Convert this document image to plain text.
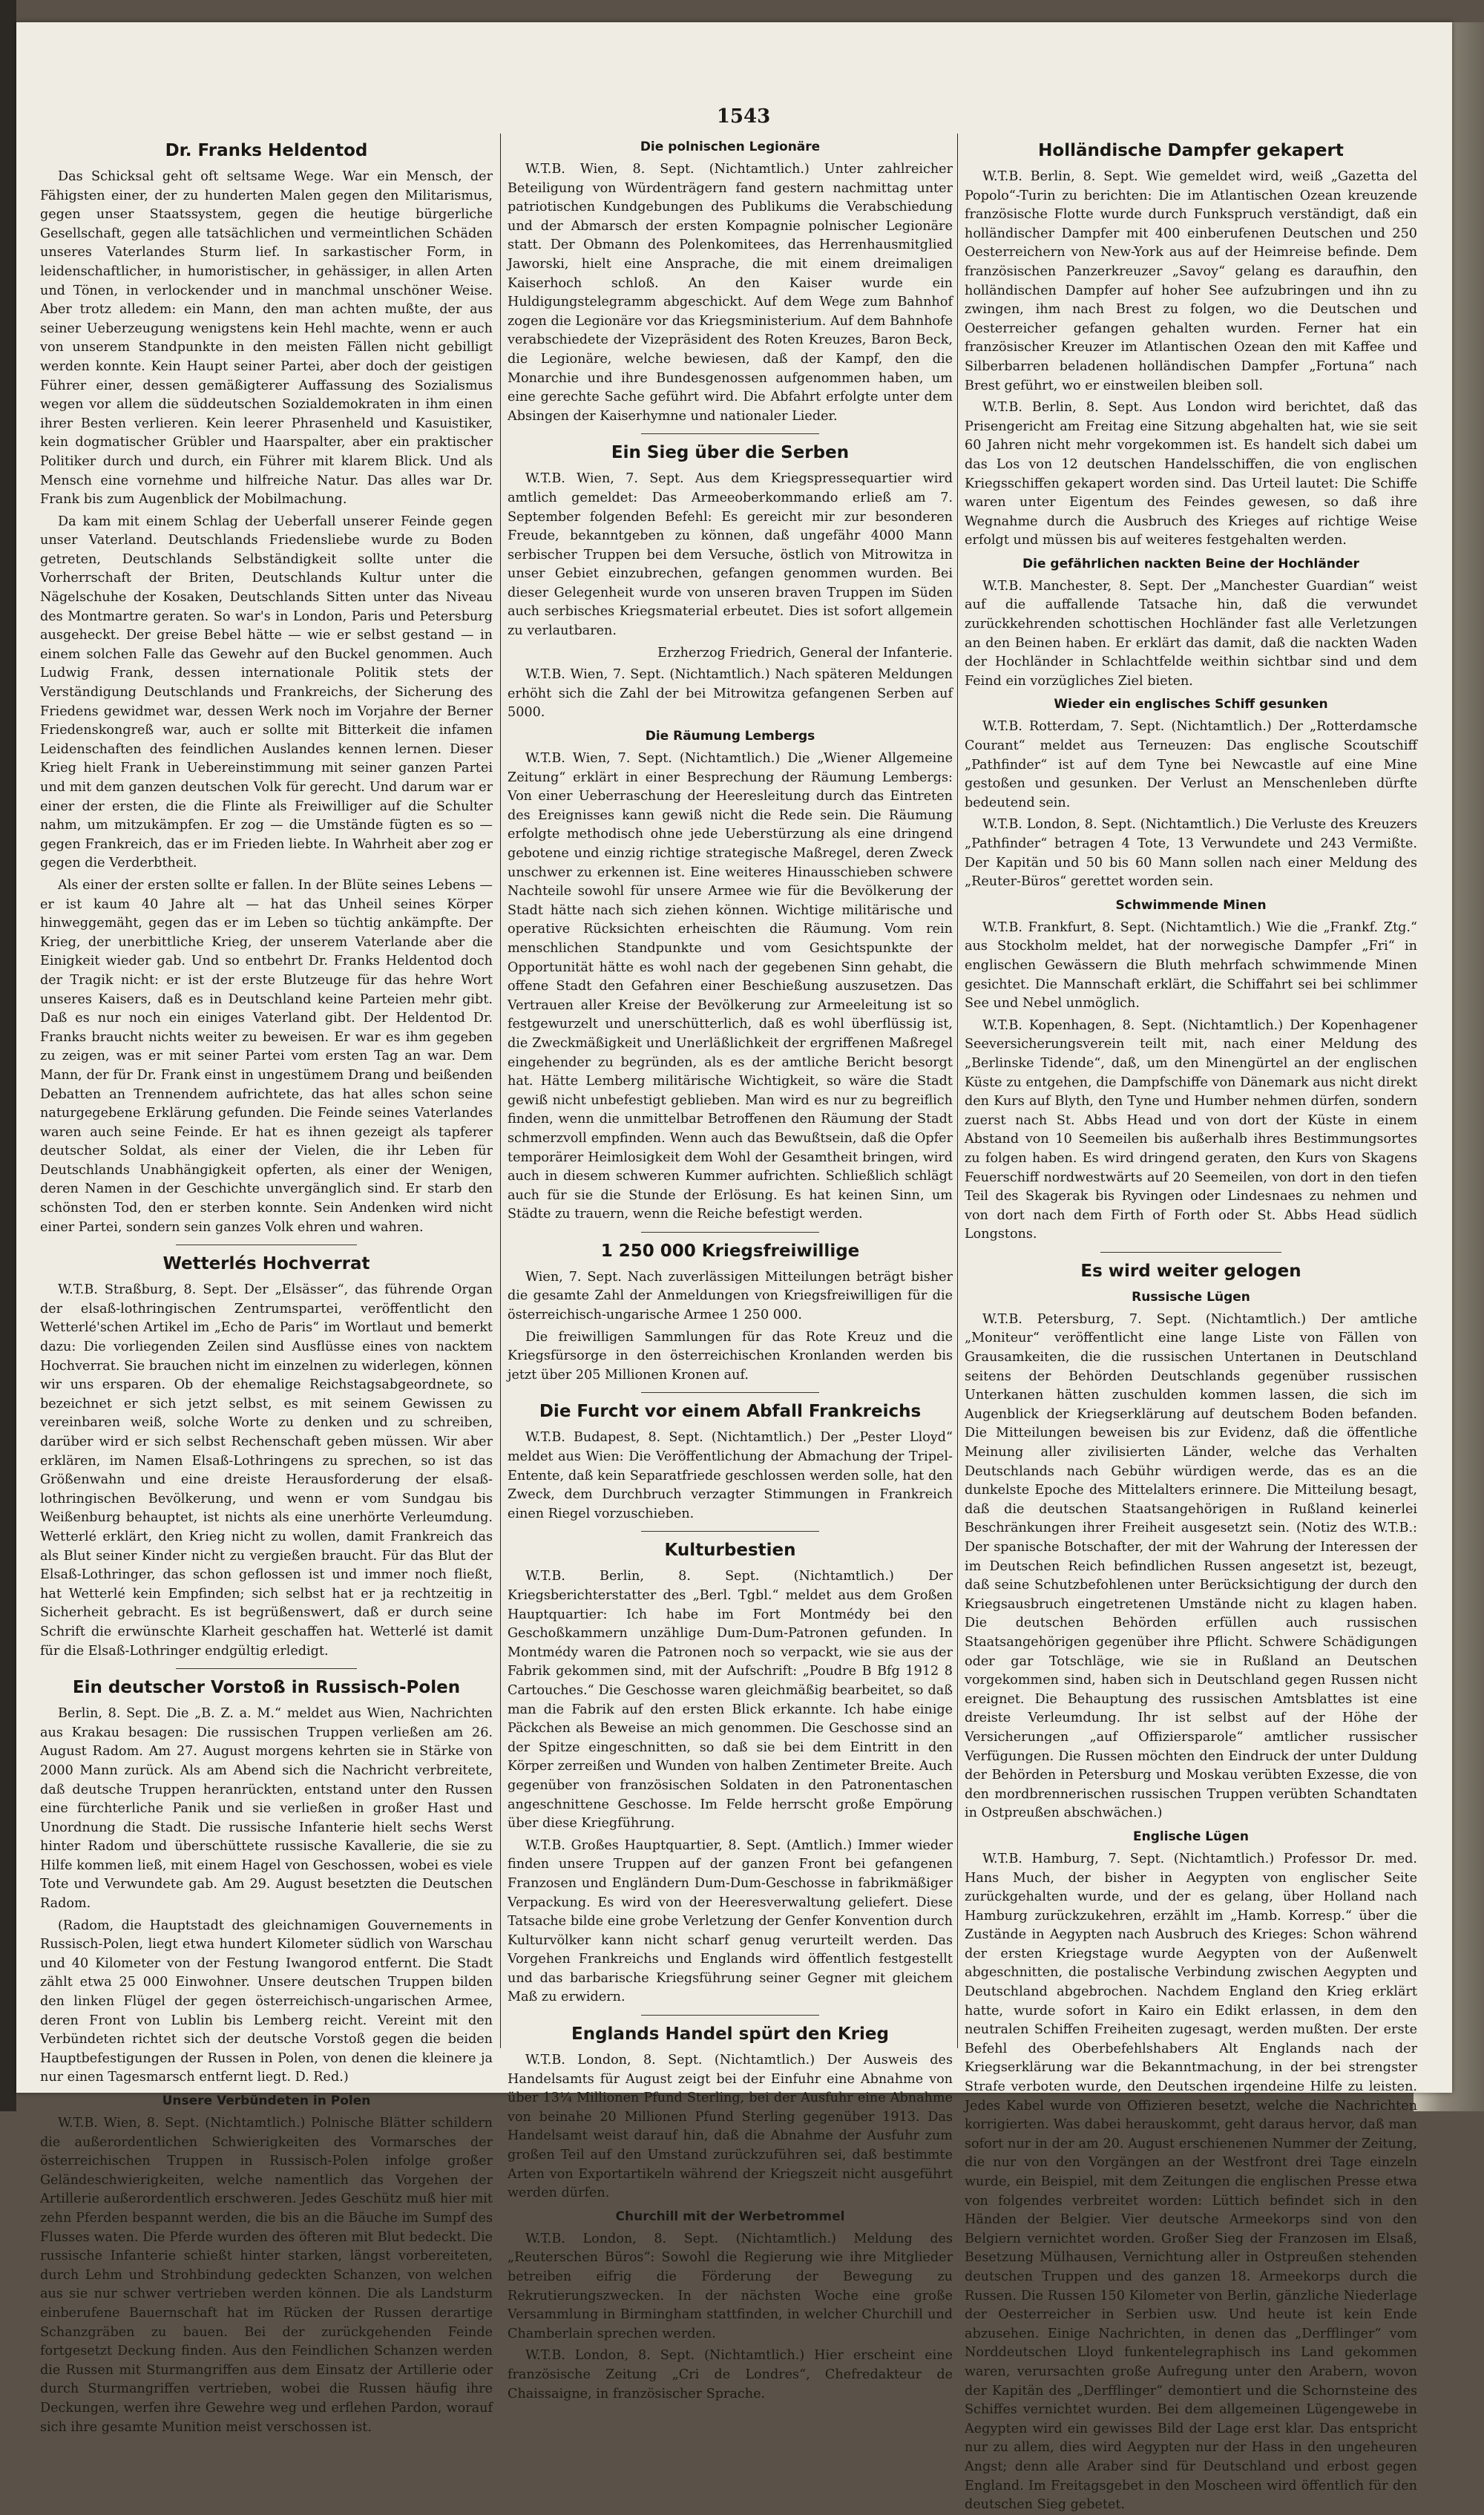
1543
Dr. Franks Heldentod

Das Schicksal geht oft seltsame Wege. War ein Mensch, der Fähigsten einer, der zu hunderten Malen gegen den Militarismus, gegen unser Staatssystem, gegen die heutige bürgerliche Gesellschaft, gegen alle tatsächlichen und vermeintlichen Schäden unseres Vaterlandes Sturm lief. In sarkastischer Form, in leidenschaftlicher, in humoristischer, in gehässiger, in allen Arten und Tönen, in verlockender und in manchmal unschöner Weise. Aber trotz alledem: ein Mann, den man achten mußte, der aus seiner Ueberzeugung wenigstens kein Hehl machte, wenn er auch von unserem Standpunkte in den meisten Fällen nicht gebilligt werden konnte. Kein Haupt seiner Partei, aber doch der geistigen Führer einer, dessen gemäßigterer Auffassung des Sozialismus wegen vor allem die süddeutschen Sozialdemokraten in ihm einen ihrer Besten verlieren. Kein leerer Phrasenheld und Kasuistiker, kein dogmatischer Grübler und Haarspalter, aber ein praktischer Politiker durch und durch, ein Führer mit klarem Blick. Und als Mensch eine vornehme und hilfreiche Natur. Das alles war Dr. Frank bis zum Augenblick der Mobilmachung.

Da kam mit einem Schlag der Ueberfall unserer Feinde gegen unser Vaterland. Deutschlands Friedensliebe wurde zu Boden getreten, Deutschlands Selbständigkeit sollte unter die Vorherrschaft der Briten, Deutschlands Kultur unter die Nägelschuhe der Kosaken, Deutschlands Sitten unter das Niveau des Montmartre geraten. So war's in London, Paris und Petersburg ausgeheckt. Der greise Bebel hätte — wie er selbst gestand — in einem solchen Falle das Gewehr auf den Buckel genommen. Auch Ludwig Frank, dessen internationale Politik stets der Verständigung Deutschlands und Frankreichs, der Sicherung des Friedens gewidmet war, dessen Werk noch im Vorjahre der Berner Friedenskongreß war, auch er sollte mit Bitterkeit die infamen Leidenschaften des feindlichen Auslandes kennen lernen. Dieser Krieg hielt Frank in Uebereinstimmung mit seiner ganzen Partei und mit dem ganzen deutschen Volk für gerecht. Und darum war er einer der ersten, die die Flinte als Freiwilliger auf die Schulter nahm, um mitzukämpfen. Er zog — die Umstände fügten es so — gegen Frankreich, das er im Frieden liebte. In Wahrheit aber zog er gegen die Verderbtheit.

Als einer der ersten sollte er fallen. In der Blüte seines Lebens — er ist kaum 40 Jahre alt — hat das Unheil seines Körper hinweggemäht, gegen das er im Leben so tüchtig ankämpfte. Der Krieg, der unerbittliche Krieg, der unserem Vaterlande aber die Einigkeit wieder gab. Und so entbehrt Dr. Franks Heldentod doch der Tragik nicht: er ist der erste Blutzeuge für das hehre Wort unseres Kaisers, daß es in Deutschland keine Parteien mehr gibt. Daß es nur noch ein einiges Vaterland gibt. Der Heldentod Dr. Franks braucht nichts weiter zu beweisen. Er war es ihm gegeben zu zeigen, was er mit seiner Partei vom ersten Tag an war. Dem Mann, der für Dr. Frank einst in ungestümem Drang und beißenden Debatten an Trennendem aufrichtete, das hat alles schon seine naturgegebene Erklärung gefunden. Die Feinde seines Vaterlandes waren auch seine Feinde. Er hat es ihnen gezeigt als tapferer deutscher Soldat, als einer der Vielen, die ihr Leben für Deutschlands Unabhängigkeit opferten, als einer der Wenigen, deren Namen in der Geschichte unvergänglich sind. Er starb den schönsten Tod, den er sterben konnte. Sein Andenken wird nicht einer Partei, sondern sein ganzes Volk ehren und wahren.

Wetterlés Hochverrat

W.T.B. Straßburg, 8. Sept. Der „Elsässer“, das führende Organ der elsaß-lothringischen Zentrumspartei, veröffentlicht den Wetterlé'schen Artikel im „Echo de Paris“ im Wortlaut und bemerkt dazu: Die vorliegenden Zeilen sind Ausflüsse eines von nacktem Hochverrat. Sie brauchen nicht im einzelnen zu widerlegen, können wir uns ersparen. Ob der ehemalige Reichstagsabgeordnete, so bezeichnet er sich jetzt selbst, es mit seinem Gewissen zu vereinbaren weiß, solche Worte zu denken und zu schreiben, darüber wird er sich selbst Rechenschaft geben müssen. Wir aber erklären, im Namen Elsaß-Lothringens zu sprechen, so ist das Größenwahn und eine dreiste Herausforderung der elsaß-lothringischen Bevölkerung, und wenn er vom Sundgau bis Weißenburg behauptet, ist nichts als eine unerhörte Verleumdung. Wetterlé erklärt, den Krieg nicht zu wollen, damit Frankreich das als Blut seiner Kinder nicht zu vergießen braucht. Für das Blut der Elsaß-Lothringer, das schon geflossen ist und immer noch fließt, hat Wetterlé kein Empfinden; sich selbst hat er ja rechtzeitig in Sicherheit gebracht. Es ist begrüßenswert, daß er durch seine Schrift die erwünschte Klarheit geschaffen hat. Wetterlé ist damit für die Elsaß-Lothringer endgültig erledigt.

Ein deutscher Vorstoß in Russisch-Polen

Berlin, 8. Sept. Die „B. Z. a. M.“ meldet aus Wien, Nachrichten aus Krakau besagen: Die russischen Truppen verließen am 26. August Radom. Am 27. August morgens kehrten sie in Stärke von 2000 Mann zurück. Als am Abend sich die Nachricht verbreitete, daß deutsche Truppen heranrückten, entstand unter den Russen eine fürchterliche Panik und sie verließen in großer Hast und Unordnung die Stadt. Die russische Infanterie hielt sechs Werst hinter Radom und überschüttete russische Kavallerie, die sie zu Hilfe kommen ließ, mit einem Hagel von Geschossen, wobei es viele Tote und Verwundete gab. Am 29. August besetzten die Deutschen Radom.

(Radom, die Hauptstadt des gleichnamigen Gouvernements in Russisch-Polen, liegt etwa hundert Kilometer südlich von Warschau und 40 Kilometer von der Festung Iwangorod entfernt. Die Stadt zählt etwa 25 000 Einwohner. Unsere deutschen Truppen bilden den linken Flügel der gegen österreichisch-ungarischen Armee, deren Front von Lublin bis Lemberg reicht. Vereint mit den Verbündeten richtet sich der deutsche Vorstoß gegen die beiden Hauptbefestigungen der Russen in Polen, von denen die kleinere ja nur einen Tagesmarsch entfernt liegt. D. Red.)

Unsere Verbündeten in Polen

W.T.B. Wien, 8. Sept. (Nichtamtlich.) Polnische Blätter schildern die außerordentlichen Schwierigkeiten des Vormarsches der österreichischen Truppen in Russisch-Polen infolge großer Geländeschwierigkeiten, welche namentlich das Vorgehen der Artillerie außerordentlich erschweren. Jedes Geschütz muß hier mit zehn Pferden bespannt werden, die bis an die Bäuche im Sumpf des Flusses waten. Die Pferde wurden des öfteren mit Blut bedeckt. Die russische Infanterie schießt hinter starken, längst vorbereiteten, durch Lehm und Strohbindung gedeckten Schanzen, von welchen aus sie nur schwer vertrieben werden können. Die als Landsturm einberufene Bauernschaft hat im Rücken der Russen derartige Schanzgräben zu bauen. Bei der zurückgehenden Feinde fortgesetzt Deckung finden. Aus den Feindlichen Schanzen werden die Russen mit Sturmangriffen aus dem Einsatz der Artillerie oder durch Sturmangriffen vertrieben, wobei die Russen häufig ihre Deckungen, werfen ihre Gewehre weg und erflehen Pardon, worauf sich ihre gesamte Munition meist verschossen ist.

Die polnischen Legionäre

W.T.B. Wien, 8. Sept. (Nichtamtlich.) Unter zahlreicher Beteiligung von Würdenträgern fand gestern nachmittag unter patriotischen Kundgebungen des Publikums die Verabschiedung und der Abmarsch der ersten Kompagnie polnischer Legionäre statt. Der Obmann des Polenkomitees, das Herrenhausmitglied Jaworski, hielt eine Ansprache, die mit einem dreimaligen Kaiserhoch schloß. An den Kaiser wurde ein Huldigungstelegramm abgeschickt. Auf dem Wege zum Bahnhof zogen die Legionäre vor das Kriegsministerium. Auf dem Bahnhofe verabschiedete der Vizepräsident des Roten Kreuzes, Baron Beck, die Legionäre, welche bewiesen, daß der Kampf, den die Monarchie und ihre Bundesgenossen aufgenommen haben, um eine gerechte Sache geführt wird. Die Abfahrt erfolgte unter dem Absingen der Kaiserhymne und nationaler Lieder.

Ein Sieg über die Serben

W.T.B. Wien, 7. Sept. Aus dem Kriegspressequartier wird amtlich gemeldet: Das Armeeoberkommando erließ am 7. September folgenden Befehl: Es gereicht mir zur besonderen Freude, bekanntgeben zu können, daß ungefähr 4000 Mann serbischer Truppen bei dem Versuche, östlich von Mitrowitza in unser Gebiet einzubrechen, gefangen genommen wurden. Bei dieser Gelegenheit wurde von unseren braven Truppen im Süden auch serbisches Kriegsmaterial erbeutet. Dies ist sofort allgemein zu verlautbaren.

Erzherzog Friedrich, General der Infanterie.

W.T.B. Wien, 7. Sept. (Nichtamtlich.) Nach späteren Meldungen erhöht sich die Zahl der bei Mitrowitza gefangenen Serben auf 5000.

Die Räumung Lembergs

W.T.B. Wien, 7. Sept. (Nichtamtlich.) Die „Wiener Allgemeine Zeitung“ erklärt in einer Besprechung der Räumung Lembergs: Von einer Ueberraschung der Heeresleitung durch das Eintreten des Ereignisses kann gewiß nicht die Rede sein. Die Räumung erfolgte methodisch ohne jede Ueberstürzung als eine dringend gebotene und einzig richtige strategische Maßregel, deren Zweck unschwer zu erkennen ist. Eine weiteres Hinausschieben schwere Nachteile sowohl für unsere Armee wie für die Bevölkerung der Stadt hätte nach sich ziehen können. Wichtige militärische und operative Rücksichten erheischten die Räumung. Vom rein menschlichen Standpunkte und vom Gesichtspunkte der Opportunität hätte es wohl nach der gegebenen Sinn gehabt, die offene Stadt den Gefahren einer Beschießung auszusetzen. Das Vertrauen aller Kreise der Bevölkerung zur Armeeleitung ist so festgewurzelt und unerschütterlich, daß es wohl überflüssig ist, die Zweckmäßigkeit und Unerläßlichkeit der ergriffenen Maßregel eingehender zu begründen, als es der amtliche Bericht besorgt hat. Hätte Lemberg militärische Wichtigkeit, so wäre die Stadt gewiß nicht unbefestigt geblieben. Man wird es nur zu begreiflich finden, wenn die unmittelbar Betroffenen den Räumung der Stadt schmerzvoll empfinden. Wenn auch das Bewußtsein, daß die Opfer temporärer Heimlosigkeit dem Wohl der Gesamtheit bringen, wird auch in diesem schweren Kummer aufrichten. Schließlich schlägt auch für sie die Stunde der Erlösung. Es hat keinen Sinn, um Städte zu trauern, wenn die Reiche befestigt werden.

1 250 000 Kriegsfreiwillige

Wien, 7. Sept. Nach zuverlässigen Mitteilungen beträgt bisher die gesamte Zahl der Anmeldungen von Kriegsfreiwilligen für die österreichisch-ungarische Armee 1 250 000.

Die freiwilligen Sammlungen für das Rote Kreuz und die Kriegsfürsorge in den österreichischen Kronlanden werden bis jetzt über 205 Millionen Kronen auf.

Die Furcht vor einem Abfall Frankreichs

W.T.B. Budapest, 8. Sept. (Nichtamtlich.) Der „Pester Lloyd“ meldet aus Wien: Die Veröffentlichung der Abmachung der Tripel-Entente, daß kein Separatfriede geschlossen werden solle, hat den Zweck, dem Durchbruch verzagter Stimmungen in Frankreich einen Riegel vorzuschieben.

Kulturbestien

W.T.B. Berlin, 8. Sept. (Nichtamtlich.) Der Kriegsberichterstatter des „Berl. Tgbl.“ meldet aus dem Großen Hauptquartier: Ich habe im Fort Montmédy bei den Geschoßkammern unzählige Dum-Dum-Patronen gefunden. In Montmédy waren die Patronen noch so verpackt, wie sie aus der Fabrik gekommen sind, mit der Aufschrift: „Poudre B Bfg 1912 8 Cartouches.“ Die Geschosse waren gleichmäßig bearbeitet, so daß man die Fabrik auf den ersten Blick erkannte. Ich habe einige Päckchen als Beweise an mich genommen. Die Geschosse sind an der Spitze eingeschnitten, so daß sie bei dem Eintritt in den Körper zerreißen und Wunden von halben Zentimeter Breite. Auch gegenüber von französischen Soldaten in den Patronentaschen angeschnittene Geschosse. Im Felde herrscht große Empörung über diese Kriegführung.

W.T.B. Großes Hauptquartier, 8. Sept. (Amtlich.) Immer wieder finden unsere Truppen auf der ganzen Front bei gefangenen Franzosen und Engländern Dum-Dum-Geschosse in fabrikmäßiger Verpackung. Es wird von der Heeresverwaltung geliefert. Diese Tatsache bilde eine grobe Verletzung der Genfer Konvention durch Kulturvölker kann nicht scharf genug verurteilt werden. Das Vorgehen Frankreichs und Englands wird öffentlich festgestellt und das barbarische Kriegsführung seiner Gegner mit gleichem Maß zu erwidern.

Englands Handel spürt den Krieg

W.T.B. London, 8. Sept. (Nichtamtlich.) Der Ausweis des Handelsamts für August zeigt bei der Einfuhr eine Abnahme von über 13¼ Millionen Pfund Sterling, bei der Ausfuhr eine Abnahme von beinahe 20 Millionen Pfund Sterling gegenüber 1913. Das Handelsamt weist darauf hin, daß die Abnahme der Ausfuhr zum großen Teil auf den Umstand zurückzuführen sei, daß bestimmte Arten von Exportartikeln während der Kriegszeit nicht ausgeführt werden dürfen.

Churchill mit der Werbetrommel

W.T.B. London, 8. Sept. (Nichtamtlich.) Meldung des „Reuterschen Büros“: Sowohl die Regierung wie ihre Mitglieder betreiben eifrig die Förderung der Bewegung zu Rekrutierungszwecken. In der nächsten Woche eine große Versammlung in Birmingham stattfinden, in welcher Churchill und Chamberlain sprechen werden.

W.T.B. London, 8. Sept. (Nichtamtlich.) Hier erscheint eine französische Zeitung „Cri de Londres“, Chefredakteur de Chaissaigne, in französischer Sprache.

Holländische Dampfer gekapert

W.T.B. Berlin, 8. Sept. Wie gemeldet wird, weiß „Gazetta del Popolo“-Turin zu berichten: Die im Atlantischen Ozean kreuzende französische Flotte wurde durch Funkspruch verständigt, daß ein holländischer Dampfer mit 400 einberufenen Deutschen und 250 Oesterreichern von New-York aus auf der Heimreise befinde. Dem französischen Panzerkreuzer „Savoy“ gelang es daraufhin, den holländischen Dampfer auf hoher See aufzubringen und ihn zu zwingen, ihm nach Brest zu folgen, wo die Deutschen und Oesterreicher gefangen gehalten wurden. Ferner hat ein französischer Kreuzer im Atlantischen Ozean den mit Kaffee und Silberbarren beladenen holländischen Dampfer „Fortuna“ nach Brest geführt, wo er einstweilen bleiben soll.

W.T.B. Berlin, 8. Sept. Aus London wird berichtet, daß das Prisengericht am Freitag eine Sitzung abgehalten hat, wie sie seit 60 Jahren nicht mehr vorgekommen ist. Es handelt sich dabei um das Los von 12 deutschen Handelsschiffen, die von englischen Kriegsschiffen gekapert worden sind. Das Urteil lautet: Die Schiffe waren unter Eigentum des Feindes gewesen, so daß ihre Wegnahme durch die Ausbruch des Krieges auf richtige Weise erfolgt und müssen bis auf weiteres festgehalten werden.

Die gefährlichen nackten Beine der Hochländer

W.T.B. Manchester, 8. Sept. Der „Manchester Guardian“ weist auf die auffallende Tatsache hin, daß die verwundet zurückkehrenden schottischen Hochländer fast alle Verletzungen an den Beinen haben. Er erklärt das damit, daß die nackten Waden der Hochländer in Schlachtfelde weithin sichtbar sind und dem Feind ein vorzügliches Ziel bieten.

Wieder ein englisches Schiff gesunken

W.T.B. Rotterdam, 7. Sept. (Nichtamtlich.) Der „Rotterdamsche Courant“ meldet aus Terneuzen: Das englische Scoutschiff „Pathfinder“ ist auf dem Tyne bei Newcastle auf eine Mine gestoßen und gesunken. Der Verlust an Menschenleben dürfte bedeutend sein.

W.T.B. London, 8. Sept. (Nichtamtlich.) Die Verluste des Kreuzers „Pathfinder“ betragen 4 Tote, 13 Verwundete und 243 Vermißte. Der Kapitän und 50 bis 60 Mann sollen nach einer Meldung des „Reuter-Büros“ gerettet worden sein.

Schwimmende Minen

W.T.B. Frankfurt, 8. Sept. (Nichtamtlich.) Wie die „Frankf. Ztg.“ aus Stockholm meldet, hat der norwegische Dampfer „Fri“ in englischen Gewässern die Bluth mehrfach schwimmende Minen gesichtet. Die Mannschaft erklärt, die Schiffahrt sei bei schlimmer See und Nebel unmöglich.

W.T.B. Kopenhagen, 8. Sept. (Nichtamtlich.) Der Kopenhagener Seeversicherungsverein teilt mit, nach einer Meldung des „Berlinske Tidende“, daß, um den Minengürtel an der englischen Küste zu entgehen, die Dampfschiffe von Dänemark aus nicht direkt den Kurs auf Blyth, den Tyne und Humber nehmen dürfen, sondern zuerst nach St. Abbs Head und von dort der Küste in einem Abstand von 10 Seemeilen bis außerhalb ihres Bestimmungsortes zu folgen haben. Es wird dringend geraten, den Kurs von Skagens Feuerschiff nordwestwärts auf 20 Seemeilen, von dort in den tiefen Teil des Skagerak bis Ryvingen oder Lindesnaes zu nehmen und von dort nach dem Firth of Forth oder St. Abbs Head südlich Longstons.

Es wird weiter gelogen
Russische Lügen

W.T.B. Petersburg, 7. Sept. (Nichtamtlich.) Der amtliche „Moniteur“ veröffentlicht eine lange Liste von Fällen von Grausamkeiten, die die russischen Untertanen in Deutschland seitens der Behörden Deutschlands gegenüber russischen Unterkanen hätten zuschulden kommen lassen, die sich im Augenblick der Kriegserklärung auf deutschem Boden befanden. Die Mitteilungen beweisen bis zur Evidenz, daß die öffentliche Meinung aller zivilisierten Länder, welche das Verhalten Deutschlands nach Gebühr würdigen werde, das es an die dunkelste Epoche des Mittelalters erinnere. Die Mitteilung besagt, daß die deutschen Staatsangehörigen in Rußland keinerlei Beschränkungen ihrer Freiheit ausgesetzt sein. (Notiz des W.T.B.: Der spanische Botschafter, der mit der Wahrung der Interessen der im Deutschen Reich befindlichen Russen angesetzt ist, bezeugt, daß seine Schutzbefohlenen unter Berücksichtigung der durch den Kriegsausbruch eingetretenen Umstände nicht zu klagen haben. Die deutschen Behörden erfüllen auch russischen Staatsangehörigen gegenüber ihre Pflicht. Schwere Schädigungen oder gar Totschläge, wie sie in Rußland an Deutschen vorgekommen sind, haben sich in Deutschland gegen Russen nicht ereignet. Die Behauptung des russischen Amtsblattes ist eine dreiste Verleumdung. Ihr ist selbst auf der Höhe der Versicherungen „auf Offiziersparole“ amtlicher russischer Verfügungen. Die Russen möchten den Eindruck der unter Duldung der Behörden in Petersburg und Moskau verübten Exzesse, die von den mordbrennerischen russischen Truppen verübten Schandtaten in Ostpreußen abschwächen.)

Englische Lügen

W.T.B. Hamburg, 7. Sept. (Nichtamtlich.) Professor Dr. med. Hans Much, der bisher in Aegypten von englischer Seite zurückgehalten wurde, und der es gelang, über Holland nach Hamburg zurückzukehren, erzählt im „Hamb. Korresp.“ über die Zustände in Aegypten nach Ausbruch des Krieges: Schon während der ersten Kriegstage wurde Aegypten von der Außenwelt abgeschnitten, die postalische Verbindung zwischen Aegypten und Deutschland abgebrochen. Nachdem England den Krieg erklärt hatte, wurde sofort in Kairo ein Edikt erlassen, in dem den neutralen Schiffen Freiheiten zugesagt, werden mußten. Der erste Befehl des Oberbefehlshabers Alt Englands nach der Kriegserklärung war die Bekanntmachung, in der bei strengster Strafe verboten wurde, den Deutschen irgendeine Hilfe zu leisten. Jedes Kabel wurde von Offizieren besetzt, welche die Nachrichten korrigierten. Was dabei herauskommt, geht daraus hervor, daß man sofort nur in der am 20. August erschienenen Nummer der Zeitung, die nur von den Vorgängen an der Westfront drei Tage einzeln wurde, ein Beispiel, mit dem Zeitungen die englischen Presse etwa von folgendes verbreitet worden: Lüttich befindet sich in den Händen der Belgier. Vier deutsche Armeekorps sind von den Belgiern vernichtet worden. Großer Sieg der Franzosen im Elsaß, Besetzung Mülhausen, Vernichtung aller in Ostpreußen stehenden deutschen Truppen und des ganzen 18. Armeekorps durch die Russen. Die Russen 150 Kilometer von Berlin, gänzliche Niederlage der Oesterreicher in Serbien usw. Und heute ist kein Ende abzusehen. Einige Nachrichten, in denen das „Derfflinger“ vom Norddeutschen Lloyd funkentelegraphisch ins Land gekommen waren, verursachten große Aufregung unter den Arabern, wovon der Kapitän des „Derfflinger“ demontiert und die Schornsteine des Schiffes vernichtet wurden. Bei dem allgemeinen Lügengewebe in Aegypten wird ein gewisses Bild der Lage erst klar. Das entspricht nur zu allem, dies wird Aegypten nur der Hass in den ungeheuren Angst; denn alle Araber sind für Deutschland und erbost gegen England. Im Freitagsgebet in den Moscheen wird öffentlich für den deutschen Sieg gebetet.
